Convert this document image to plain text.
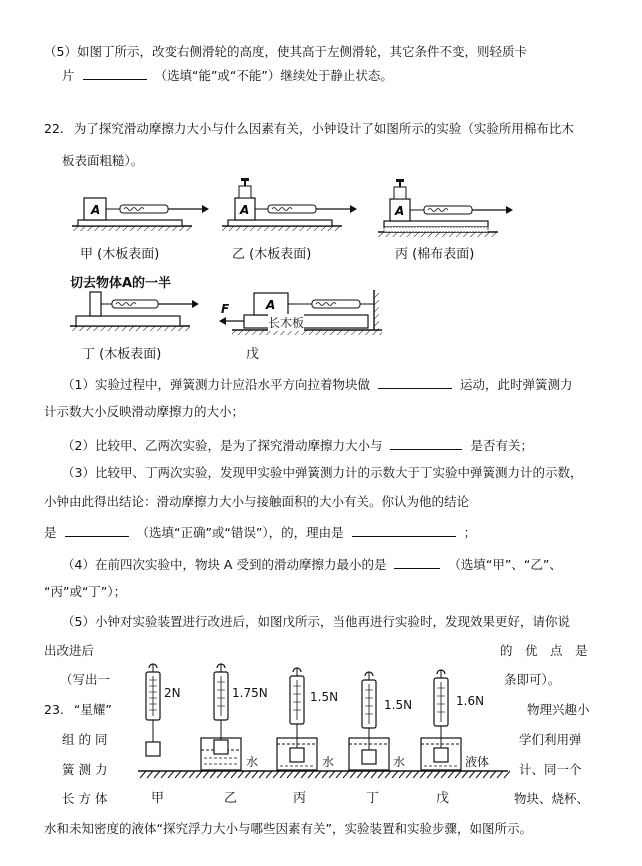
（5）如图丁所示，改变右侧滑轮的高度，使其高于左侧滑轮，其它条件不变，则轻质卡
片	（选填“能”或“不能”）继续处于静止状态。
22. 为了探究滑动摩擦力大小与什么因素有关，小钟设计了如图所示的实验（实验所用棉布比木
板表面粗糙）。
A	A	A
A
甲 (木板表面)	乙 (木板表面)	丙 (棉布表面)
切去物体A的一半
丁 (木板表面)
F
长木板
戊
（1）实验过程中，弹簧测力计应沿水平方向拉着物块做	运动，此时弹簧测力
计示数大小反映滑动摩擦力的大小；
（2）比较甲、乙两次实验，是为了探究滑动摩擦力大小与	是否有关；
（3）比较甲、丁两次实验，发现甲实验中弹簧测力计的示数大于丁实验中弹簧测力计的示数，
小钟由此得出结论：滑动摩擦力大小与接触面积的大小有关。你认为他的结论
是	（选填“正确”或“错误”），的，理由是	；
（4）在前四次实验中，物块 A 受到的滑动摩擦力最小的是	（选填“甲”、“乙”、
“丙”或“丁”）；
（5）小钟对实验装置进行改进后，如图戊所示，当他再进行实验时，发现效果更好，请你说
出改进后	的　优　点　是
（写出一	条即可）。
23. “星耀”	物理兴趣小
组 的 同	学们利用弹
簧 测 力	计、同一个
长 方 体	物块、烧杯、
水和未知密度的液体“探究浮力大小与哪些因素有关”，实验装置和实验步骤，如图所示。
2N	1.75N	1.5N
1.5N	1.6N
水	水	水	液体
甲	乙	丙	丁	戊
